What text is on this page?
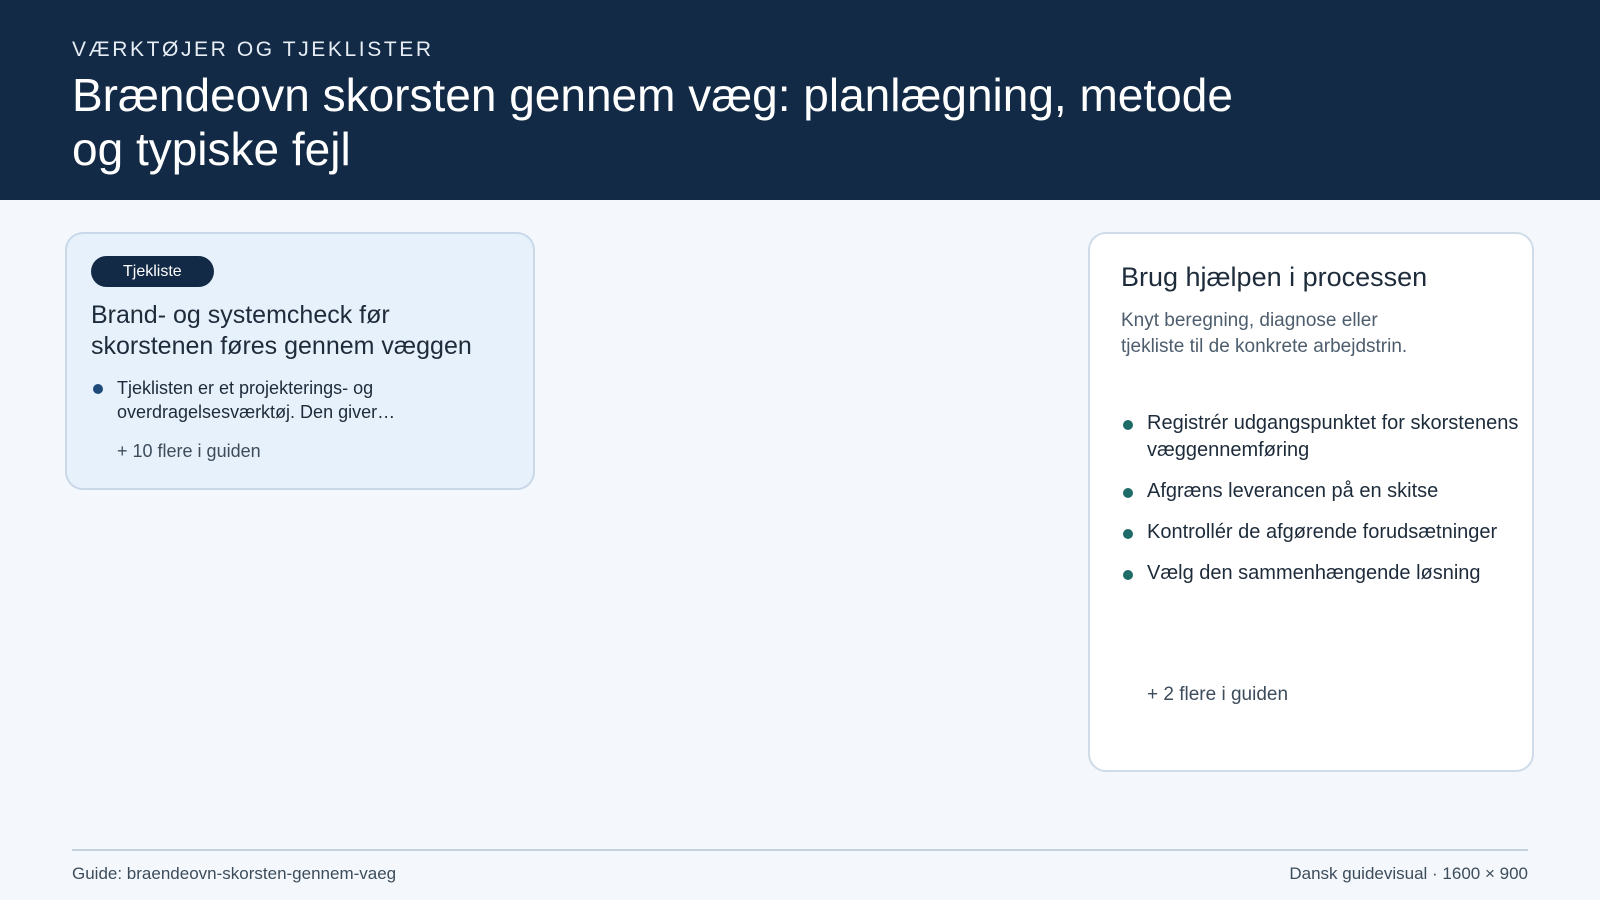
VÆRKTØJER OG TJEKLISTER
Brændeovn skorsten gennem væg: planlægning, metode og typiske fejl
Tjekliste
Brand- og systemcheck før skorstenen føres gennem væggen
Tjeklisten er et projekterings- og overdragelsesværktøj. Den giver…
+ 10 flere i guiden
Brug hjælpen i processen
Knyt beregning, diagnose eller tjekliste til de konkrete arbejdstrin.
Registrér udgangspunktet for skorstenens væggennemføring
Afgræns leverancen på en skitse
Kontrollér de afgørende forudsætninger
Vælg den sammenhængende løsning
+ 2 flere i guiden
Guide: braendeovn-skorsten-gennem-vaeg	Dansk guidevisual · 1600 × 900
